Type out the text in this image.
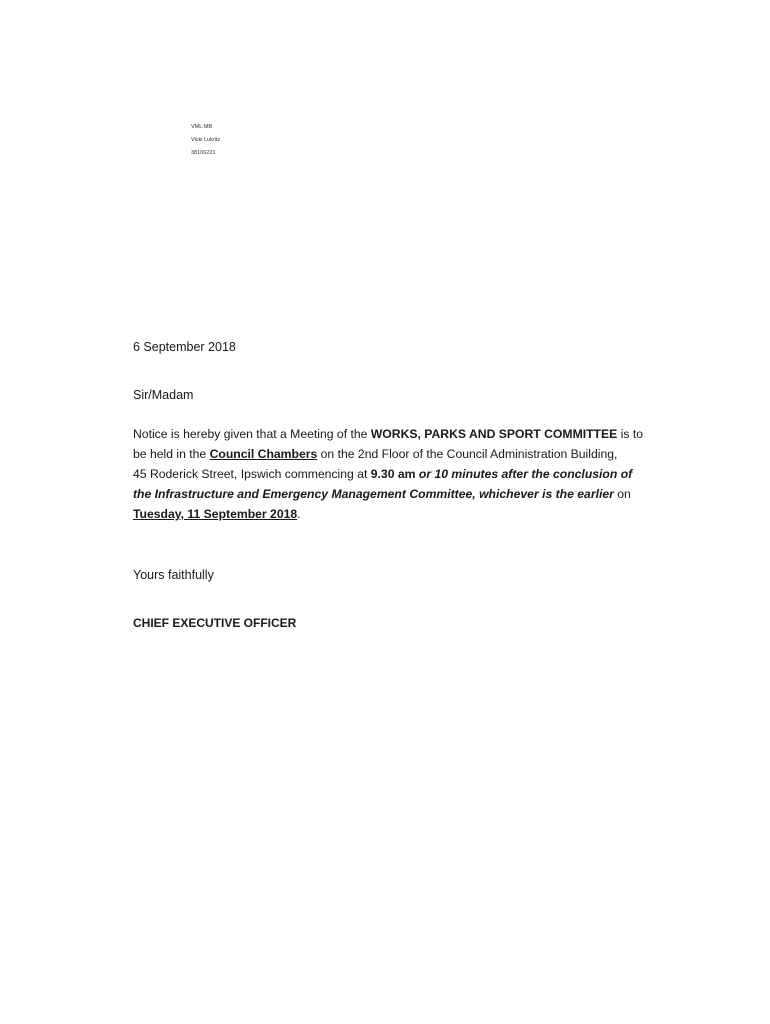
VML:MB
Vicki Lukritz
38106221
6 September 2018
Sir/Madam
Notice is hereby given that a Meeting of the WORKS, PARKS AND SPORT COMMITTEE is to
be held in the Council Chambers on the 2nd Floor of the Council Administration Building,
45 Roderick Street, Ipswich commencing at 9.30 am or 10 minutes after the conclusion of
the Infrastructure and Emergency Management Committee, whichever is the earlier on
Tuesday, 11 September 2018.
Yours faithfully
CHIEF EXECUTIVE OFFICER
